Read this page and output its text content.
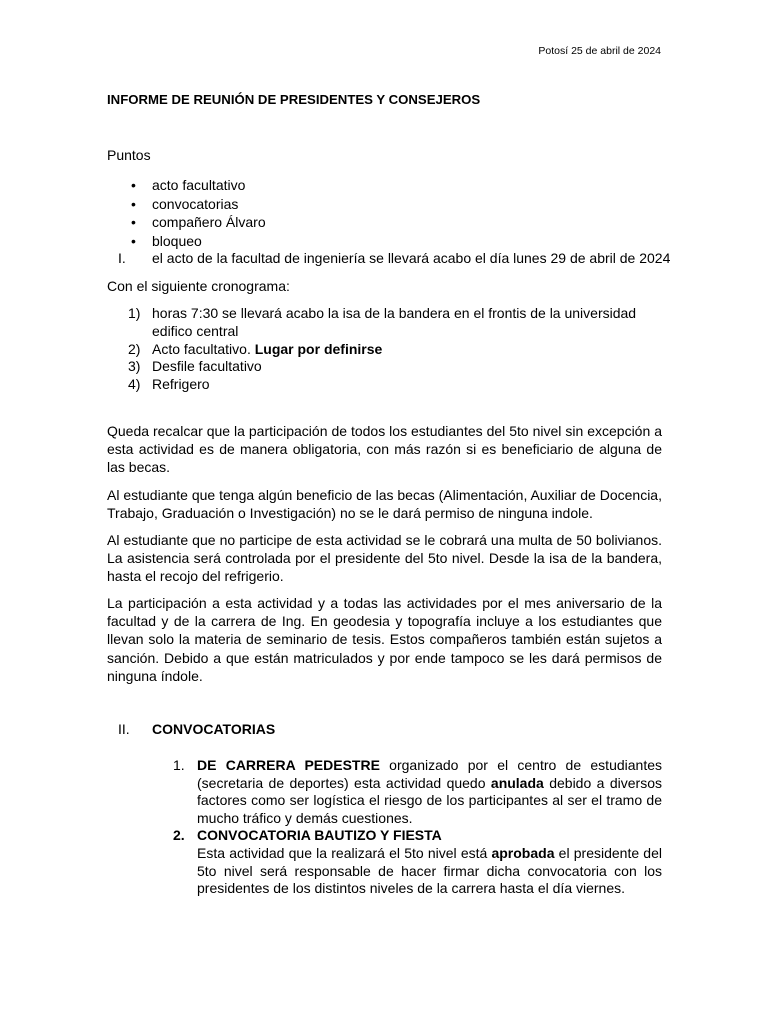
Potosí 25 de abril de 2024
INFORME DE REUNIÓN DE PRESIDENTES Y CONSEJEROS
Puntos
• acto facultativo
• convocatorias
• compañero Álvaro
• bloqueo
I. el acto de la facultad de ingeniería se llevará acabo el día lunes 29 de abril de 2024
Con el siguiente cronograma:
1) horas 7:30 se llevará acabo la isa de la bandera en el frontis de la universidad edifico central
2) Acto facultativo. Lugar por definirse
3) Desfile facultativo
4) Refrigero

Queda recalcar que la participación de todos los estudiantes del 5to nivel sin excepción a esta actividad es de manera obligatoria, con más razón si es beneficiario de alguna de las becas.

Al estudiante que tenga algún beneficio de las becas (Alimentación, Auxiliar de Docencia, Trabajo, Graduación o Investigación) no se le dará permiso de ninguna indole.

Al estudiante que no participe de esta actividad se le cobrará una multa de 50 bolivianos. La asistencia será controlada por el presidente del 5to nivel. Desde la isa de la bandera, hasta el recojo del refrigerio.

La participación a esta actividad y a todas las actividades por el mes aniversario de la facultad y de la carrera de Ing. En geodesia y topografía incluye a los estudiantes que llevan solo la materia de seminario de tesis. Estos compañeros también están sujetos a sanción. Debido a que están matriculados y por ende tampoco se les dará permisos de ninguna índole.

II. CONVOCATORIAS
1. DE CARRERA PEDESTRE organizado por el centro de estudiantes (secretaria de deportes) esta actividad quedo anulada debido a diversos factores como ser logística el riesgo de los participantes al ser el tramo de mucho tráfico y demás cuestiones.
2. CONVOCATORIA BAUTIZO Y FIESTA
Esta actividad que la realizará el 5to nivel está aprobada el presidente del 5to nivel será responsable de hacer firmar dicha convocatoria con los presidentes de los distintos niveles de la carrera hasta el día viernes.
